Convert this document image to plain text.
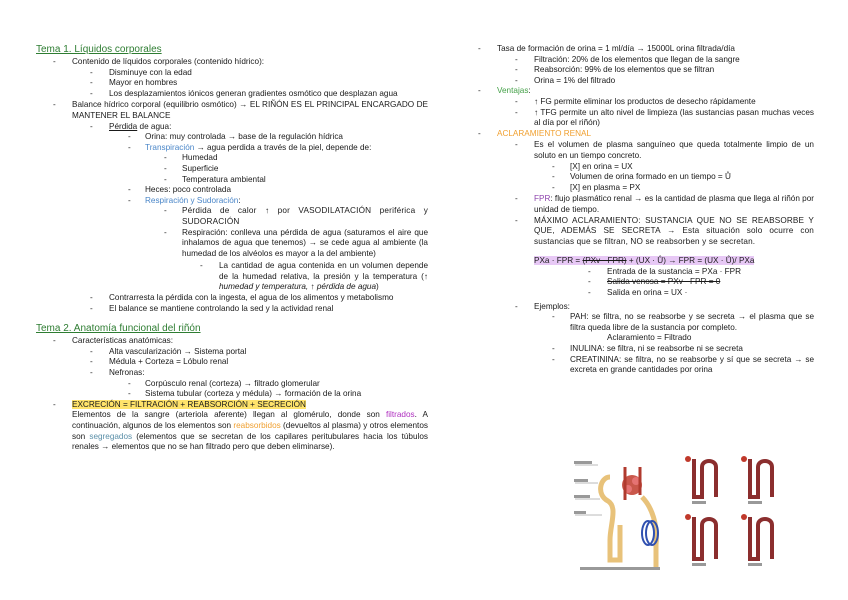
Tema 1. Líquidos corporales
- Contenido de líquidos corporales (contenido hídrico):
- Disminuye con la edad
- Mayor en hombres
- Los desplazamientos iónicos generan gradientes osmótico que desplazan agua
- Balance hídrico corporal (equilibrio osmótico) → EL RIÑÓN ES EL PRINCIPAL ENCARGADO DE MANTENER EL BALANCE
- Pérdida de agua:
- Orina: muy controlada → base de la regulación hídrica
- Transpiración → agua perdida a través de la piel, depende de:
- Humedad
- Superficie
- Temperatura ambiental
- Heces: poco controlada
- Respiración y Sudoración:
- Pérdida de calor ↑ por VASODILATACIÓN periférica y SUDORACIÓN
- Respiración: conlleva una pérdida de agua (saturamos el aire que inhalamos de agua que tenemos) → se cede agua al ambiente (la humedad de los alvéolos es mayor a la del ambiente)
- La cantidad de agua contenida en un volumen depende de la humedad relativa, la presión y la temperatura (↑ humedad y temperatura, ↑ pérdida de agua)
- Contrarresta la pérdida con la ingesta, el agua de los alimentos y metabolismo
- El balance se mantiene controlando la sed y la actividad renal
Tema 2. Anatomía funcional del riñón
- Características anatómicas:
- Alta vascularización → Sistema portal
- Médula + Corteza = Lóbulo renal
- Nefronas:
- Corpúsculo renal (corteza) → filtrado glomerular
- Sistema tubular (corteza y médula) → formación de la orina
- EXCRECIÓN = FILTRACIÓN + REABSORCIÓN + SECRECIÓN
Elementos de la sangre (arteriola aferente) llegan al glomérulo, donde son filtrados. A continuación, algunos de los elementos son reabsorbidos (devueltos al plasma) y otros elementos son segregados (elementos que se secretan de los capilares peritubulares hacia los túbulos renales → elementos que no se han filtrado pero que deben eliminarse).
- Tasa de formación de orina = 1 ml/día → 15000L orina filtrada/día
- Filtración: 20% de los elementos que llegan de la sangre
- Reabsorción: 99% de los elementos que se filtran
- Orina = 1% del filtrado
- Ventajas:
- ↑ FG permite eliminar los productos de desecho rápidamente
- ↑ TFG permite un alto nivel de limpieza (las sustancias pasan muchas veces al día por el riñón)
- ACLARAMIENTO RENAL
- Es el volumen de plasma sanguíneo que queda totalmente limpio de un soluto en un tiempo concreto.
- [X] en orina = UX
- Volumen de orina formado en un tiempo = Ů
- [X] en plasma = PX
- FPR: flujo plasmático renal → es la cantidad de plasma que llega al riñón por unidad de tiempo.
- MÁXIMO ACLARAMIENTO: SUSTANCIA QUE NO SE REABSORBE Y QUE, ADEMÁS SE SECRETA → Esta situación solo ocurre con sustancias que se filtran, NO se reabsorben y se secretan.
PXa · FPR = (PXv · FPR) + (UX · Ů) → FPR = (UX · Ů)/ PXa
- Entrada de la sustancia = PXa · FPR
- Salida venosa = PXv · FPR = 0
- Salida en orina = UX ·
- Ejemplos:
- PAH: se filtra, no se reabsorbe y se secreta → el plasma que se filtra queda libre de la sustancia por completo.
Aclaramiento = Filtrado
- INULINA: se filtra, ni se reabsorbe ni se secreta
- CREATININA: se filtra, no se reabsorbe y sí que se secreta → se excreta en grande cantidades por orina
